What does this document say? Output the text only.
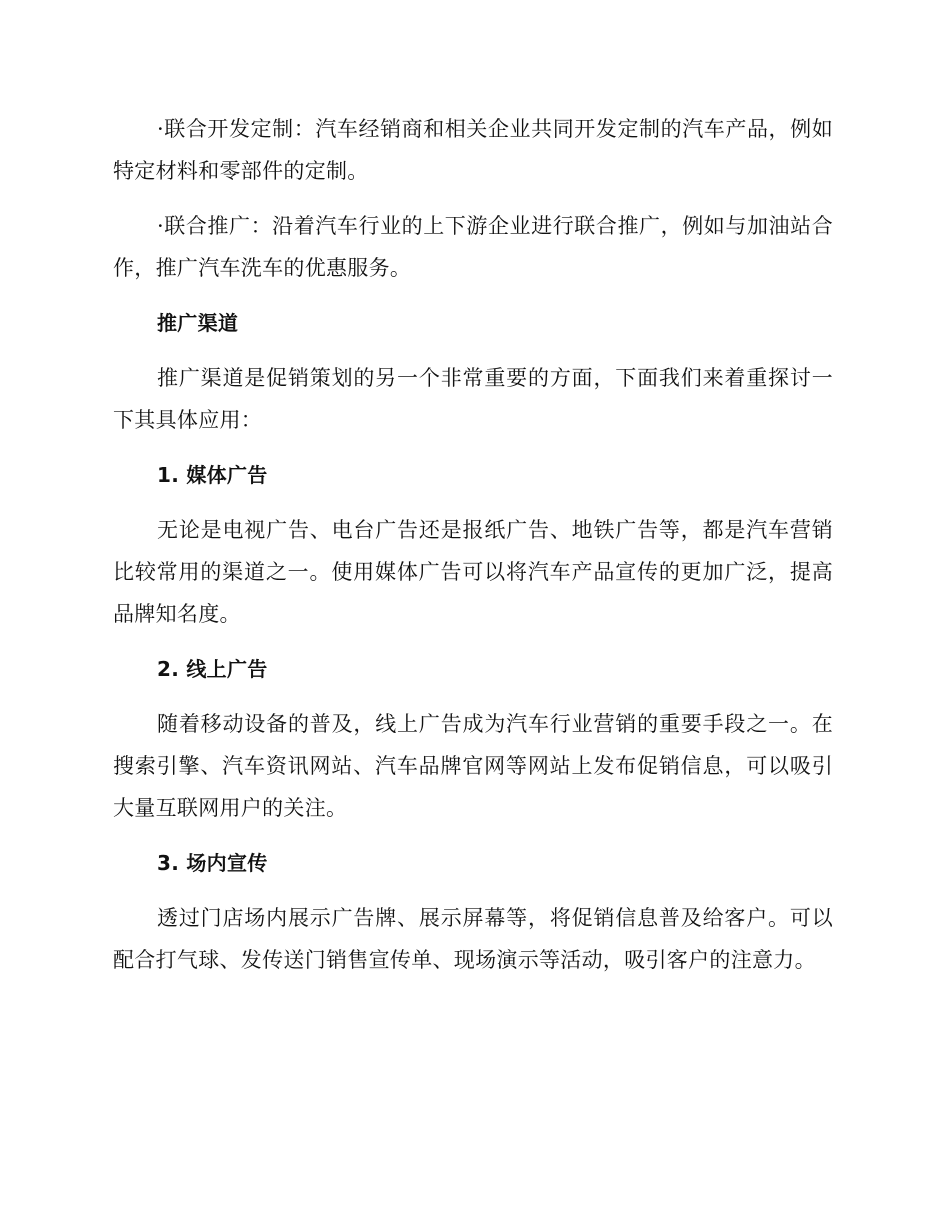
·联合开发定制：汽车经销商和相关企业共同开发定制的汽车产品，例如特定材料和零部件的定制。

·联合推广：沿着汽车行业的上下游企业进行联合推广，例如与加油站合作，推广汽车洗车的优惠服务。

推广渠道

推广渠道是促销策划的另一个非常重要的方面，下面我们来着重探讨一下其具体应用：

1. 媒体广告

无论是电视广告、电台广告还是报纸广告、地铁广告等，都是汽车营销比较常用的渠道之一。使用媒体广告可以将汽车产品宣传的更加广泛，提高品牌知名度。

2. 线上广告

随着移动设备的普及，线上广告成为汽车行业营销的重要手段之一。在搜索引擎、汽车资讯网站、汽车品牌官网等网站上发布促销信息，可以吸引大量互联网用户的关注。

3. 场内宣传

透过门店场内展示广告牌、展示屏幕等，将促销信息普及给客户。可以配合打气球、发传送门销售宣传单、现场演示等活动，吸引客户的注意力。
